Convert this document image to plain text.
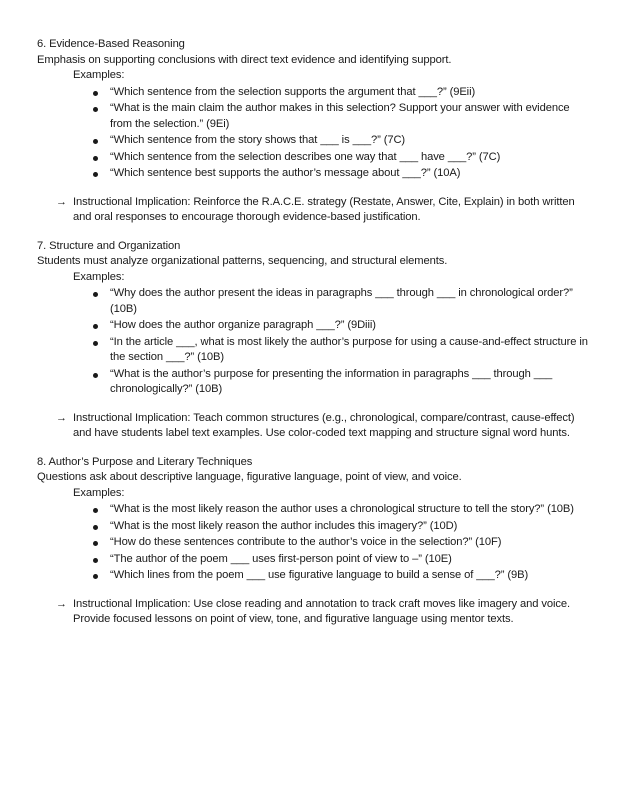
6. Evidence-Based Reasoning

Emphasis on supporting conclusions with direct text evidence and identifying support.

Examples:

“Which sentence from the selection supports the argument that ___?” (9Eii)
“What is the main claim the author makes in this selection? Support your answer with evidence from the selection.” (9Ei)
“Which sentence from the story shows that ___ is ___?” (7C)
“Which sentence from the selection describes one way that ___ have ___?” (7C)
“Which sentence best supports the author’s message about ___?” (10A)

→ Instructional Implication: Reinforce the R.A.C.E. strategy (Restate, Answer, Cite, Explain) in both written and oral responses to encourage thorough evidence-based justification.

7. Structure and Organization

Students must analyze organizational patterns, sequencing, and structural elements.

Examples:

“Why does the author present the ideas in paragraphs ___ through ___ in chronological order?” (10B)
“How does the author organize paragraph ___?” (9Diii)
“In the article ___, what is most likely the author’s purpose for using a cause-and-effect structure in the section ___?” (10B)
“What is the author’s purpose for presenting the information in paragraphs ___ through ___ chronologically?” (10B)

→ Instructional Implication: Teach common structures (e.g., chronological, compare/contrast, cause-effect) and have students label text examples. Use color-coded text mapping and structure signal word hunts.

8. Author’s Purpose and Literary Techniques

Questions ask about descriptive language, figurative language, point of view, and voice.

Examples:

“What is the most likely reason the author uses a chronological structure to tell the story?” (10B)
“What is the most likely reason the author includes this imagery?” (10D)
“How do these sentences contribute to the author’s voice in the selection?” (10F)
“The author of the poem ___ uses first-person point of view to –” (10E)
“Which lines from the poem ___ use figurative language to build a sense of ___?” (9B)

→ Instructional Implication: Use close reading and annotation to track craft moves like imagery and voice. Provide focused lessons on point of view, tone, and figurative language using mentor texts.
